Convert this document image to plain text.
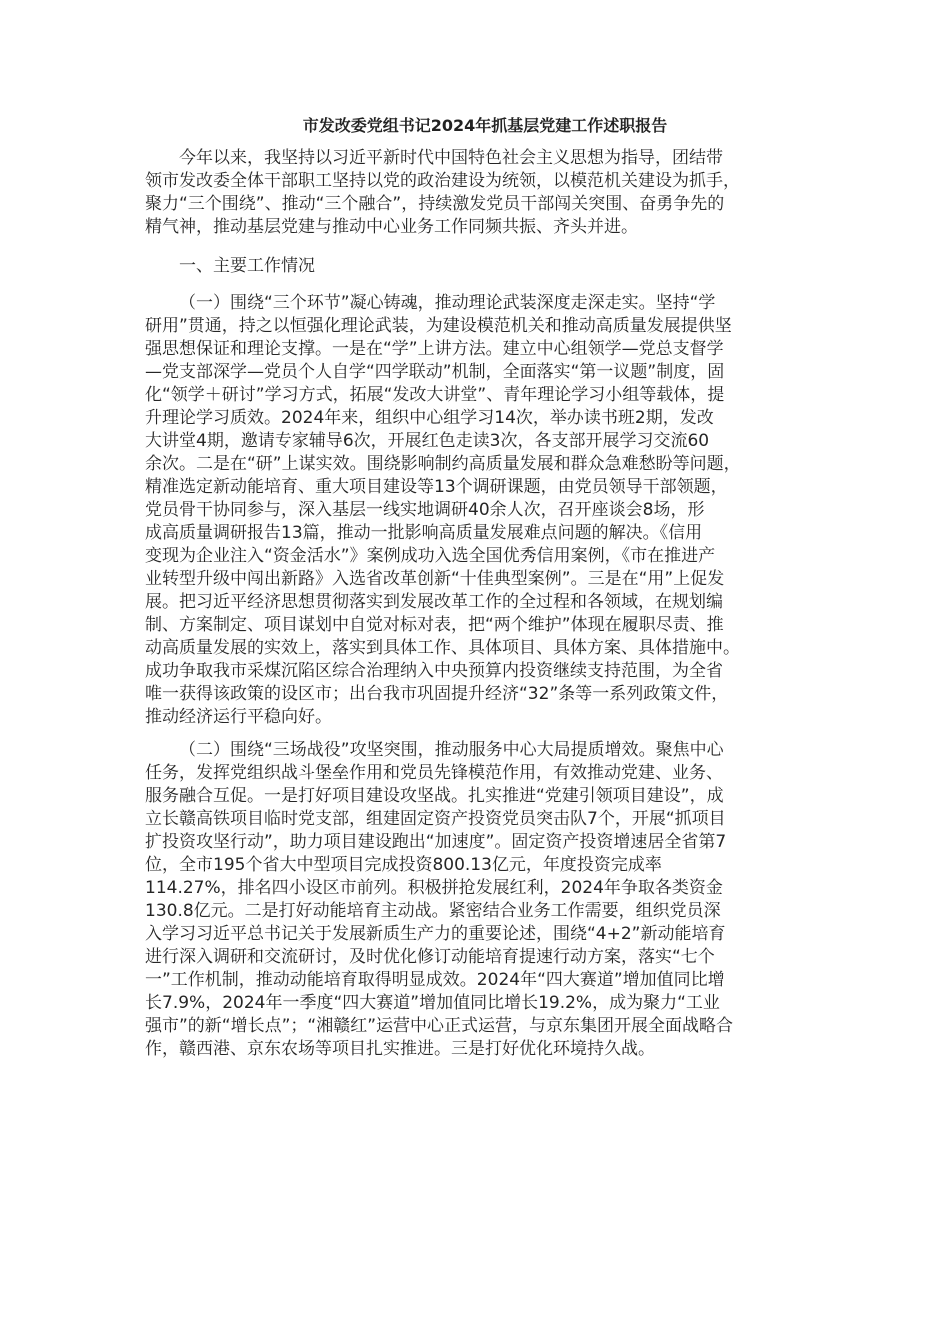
市发改委党组书记2024年抓基层党建工作述职报告

今年以来，我坚持以习近平新时代中国特色社会主义思想为指导，团结带
领市发改委全体干部职工坚持以党的政治建设为统领，以模范机关建设为抓手，
聚力“三个围绕”、推动“三个融合”，持续激发党员干部闯关突围、奋勇争先的
精气神，推动基层党建与推动中心业务工作同频共振、齐头并进。

一、主要工作情况

（一）围绕“三个环节”凝心铸魂，推动理论武装深度走深走实。坚持“学
研用”贯通，持之以恒强化理论武装，为建设模范机关和推动高质量发展提供坚
强思想保证和理论支撑。一是在“学”上讲方法。建立中心组领学—党总支督学
—党支部深学—党员个人自学“四学联动”机制，全面落实“第一议题”制度，固
化“领学＋研讨”学习方式，拓展“发改大讲堂”、青年理论学习小组等载体，提
升理论学习质效。2024年来，组织中心组学习14次，举办读书班2期，发改
大讲堂4期，邀请专家辅导6次，开展红色走读3次，各支部开展学习交流60
余次。二是在“研”上谋实效。围绕影响制约高质量发展和群众急难愁盼等问题，
精准选定新动能培育、重大项目建设等13个调研课题，由党员领导干部领题，
党员骨干协同参与，深入基层一线实地调研40余人次，召开座谈会8场，形
成高质量调研报告13篇，推动一批影响高质量发展难点问题的解决。《信用
变现为企业注入“资金活水”》案例成功入选全国优秀信用案例，《市在推进产
业转型升级中闯出新路》入选省改革创新“十佳典型案例”。三是在“用”上促发
展。把习近平经济思想贯彻落实到发展改革工作的全过程和各领域，在规划编
制、方案制定、项目谋划中自觉对标对表，把“两个维护”体现在履职尽责、推
动高质量发展的实效上，落实到具体工作、具体项目、具体方案、具体措施中。
成功争取我市采煤沉陷区综合治理纳入中央预算内投资继续支持范围，为全省
唯一获得该政策的设区市；出台我市巩固提升经济“32”条等一系列政策文件，
推动经济运行平稳向好。

（二）围绕“三场战役”攻坚突围，推动服务中心大局提质增效。聚焦中心
任务，发挥党组织战斗堡垒作用和党员先锋模范作用，有效推动党建、业务、
服务融合互促。一是打好项目建设攻坚战。扎实推进“党建引领项目建设”，成
立长赣高铁项目临时党支部，组建固定资产投资党员突击队7个，开展“抓项目
扩投资攻坚行动”，助力项目建设跑出“加速度”。固定资产投资增速居全省第7
位，全市195个省大中型项目完成投资800.13亿元，年度投资完成率
114.27%，排名四小设区市前列。积极拼抢发展红利，2024年争取各类资金
130.8亿元。二是打好动能培育主动战。紧密结合业务工作需要，组织党员深
入学习习近平总书记关于发展新质生产力的重要论述，围绕“4+2”新动能培育
进行深入调研和交流研讨，及时优化修订动能培育提速行动方案，落实“七个
一”工作机制，推动动能培育取得明显成效。2024年“四大赛道”增加值同比增
长7.9%，2024年一季度“四大赛道”增加值同比增长19.2%，成为聚力“工业
强市”的新“增长点”；“湘赣红”运营中心正式运营，与京东集团开展全面战略合
作，赣西港、京东农场等项目扎实推进。三是打好优化环境持久战。
